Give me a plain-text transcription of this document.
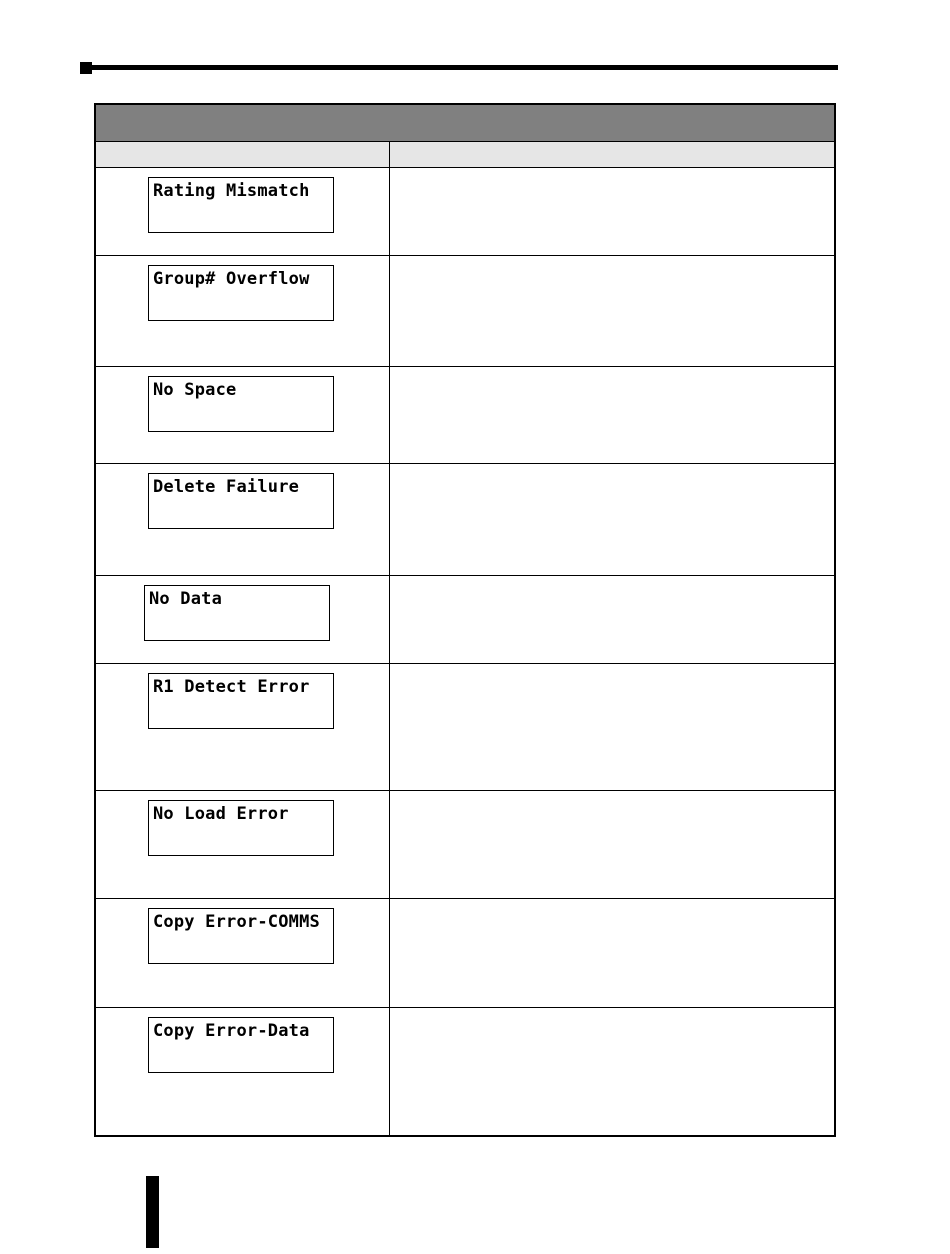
Rating Mismatch
Group# Overflow
No Space
Delete Failure
No Data
R1 Detect Error
No Load Error
Copy Error-COMMS
Copy Error-Data
